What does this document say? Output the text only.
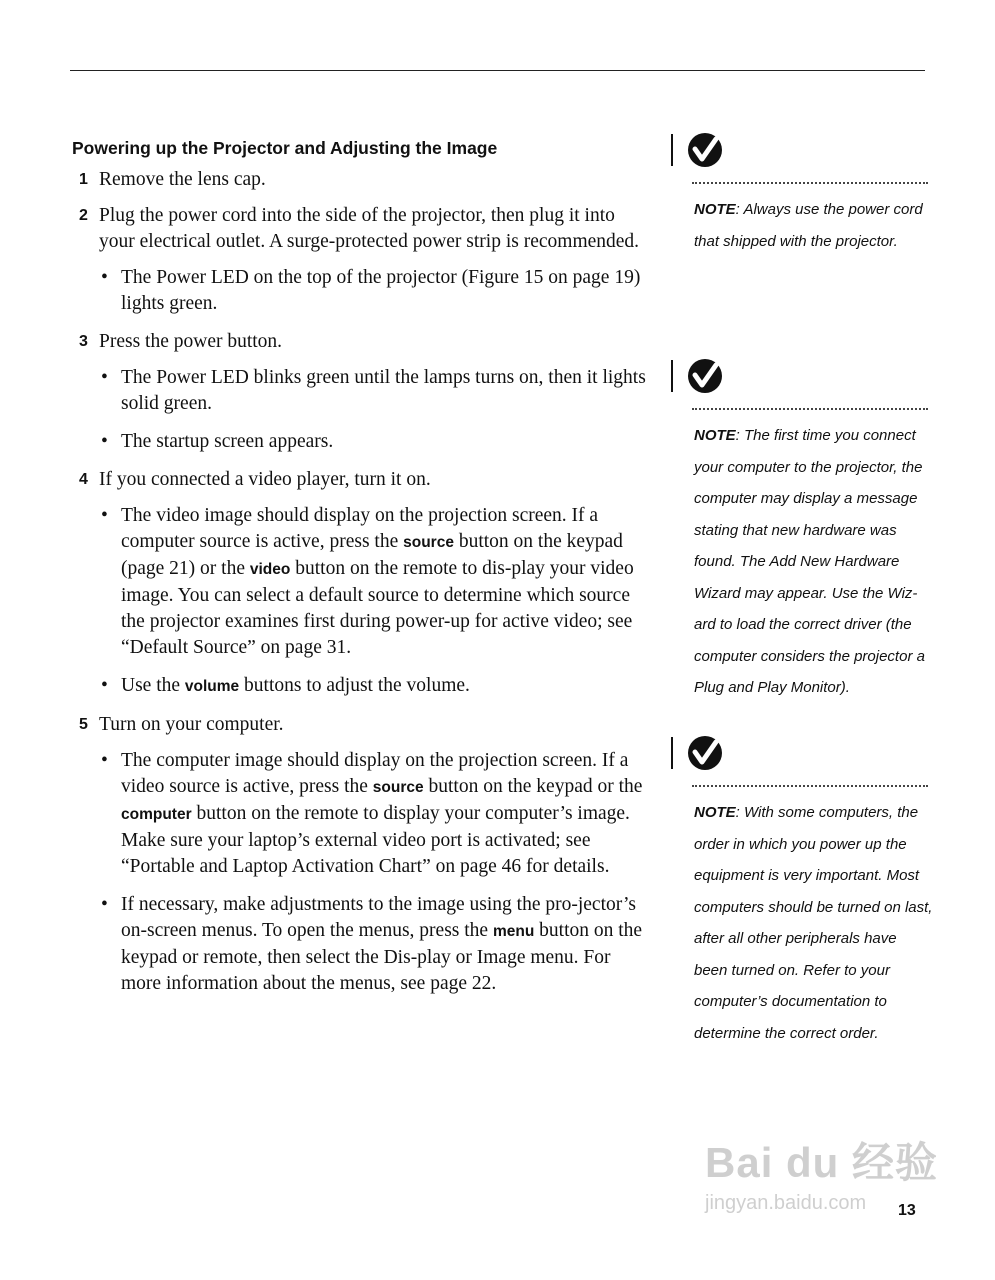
Powering up the Projector and Adjusting the Image
1 Remove the lens cap.
2 Plug the power cord into the side of the projector, then plug it into your electrical outlet. A surge-protected power strip is recommended.
• The Power LED on the top of the projector (Figure 15 on page 19) lights green.
3 Press the power button.
• The Power LED blinks green until the lamps turns on, then it lights solid green.
• The startup screen appears.
4 If you connected a video player, turn it on.
• The video image should display on the projection screen. If a computer source is active, press the source button on the keypad (page 21) or the video button on the remote to dis-play your video image. You can select a default source to determine which source the projector examines first during power-up for active video; see “Default Source” on page 31.
• Use the volume buttons to adjust the volume.
5 Turn on your computer.
• The computer image should display on the projection screen. If a video source is active, press the source button on the keypad or the computer button on the remote to display your computer’s image. Make sure your laptop’s external video port is activated; see “Portable and Laptop Activation Chart” on page 46 for details.
• If necessary, make adjustments to the image using the pro-jector’s on-screen menus. To open the menus, press the menu button on the keypad or remote, then select the Dis-play or Image menu. For more information about the menus, see page 22.
NOTE: Always use the power cord that shipped with the projector.
NOTE: The first time you connect your computer to the projector, the computer may display a message stating that new hardware was found. The Add New Hardware Wizard may appear. Use the Wiz-ard to load the correct driver (the computer considers the projector a Plug and Play Monitor).
NOTE: With some computers, the order in which you power up the equipment is very important. Most computers should be turned on last, after all other peripherals have been turned on. Refer to your computer’s documentation to determine the correct order.
Bai du 经验
jingyan.baidu.com	13
